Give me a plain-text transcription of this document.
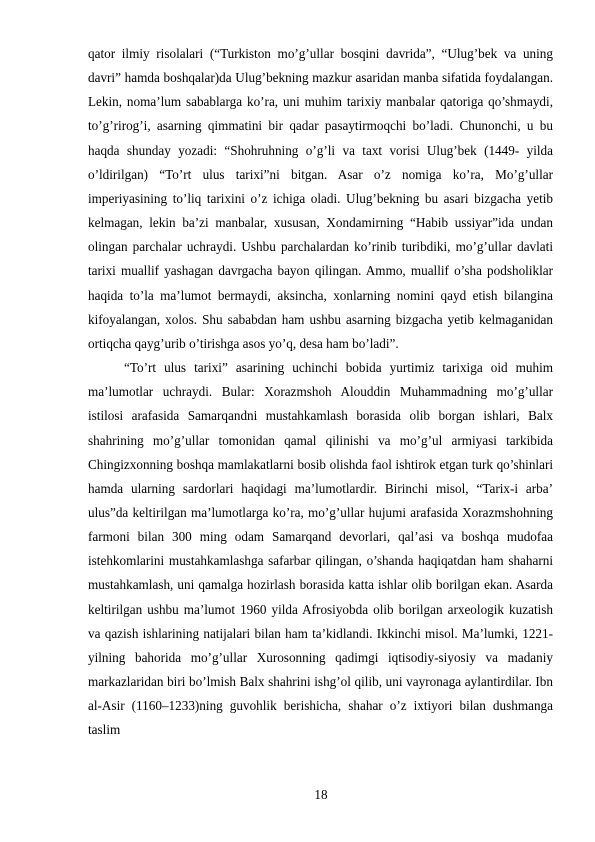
qator ilmiy risolalari (“Turkiston mo’g’ullar bosqini davrida”, “Ulug’bek va uning davri” hamda boshqalar)da Ulug’bekning mazkur asaridan manba sifatida foydalangan. Lekin, noma’lum sabablarga ko’ra, uni muhim tarixiy manbalar qatoriga qo’shmaydi, to’g’rirog’i, asarning qimmatini bir qadar pasaytirmoqchi bo’ladi. Chunonchi, u bu haqda shunday yozadi: “Shohruhning o’g’li va taxt vorisi Ulug’bek (1449- yilda o’ldirilgan) “To’rt ulus tarixi”ni bitgan. Asar o’z nomiga ko’ra, Mo’g’ullar imperiyasining to’liq tarixini o’z ichiga oladi. Ulug’bekning bu asari bizgacha yetib kelmagan, lekin ba’zi manbalar, xususan, Xondamirning “Habib ussiyar”ida undan olingan parchalar uchraydi. Ushbu parchalardan ko’rinib turibdiki, mo’g’ullar davlati tarixi muallif yashagan davrgacha bayon qilingan. Ammo, muallif o’sha podsholiklar haqida to’la ma’lumot bermaydi, aksincha, xonlarning nomini qayd etish bilangina kifoyalangan, xolos. Shu sababdan ham ushbu asarning bizgacha yetib kelmaganidan ortiqcha qayg’urib o’tirishga asos yo’q, desa ham bo’ladi”.

“To’rt ulus tarixi” asarining uchinchi bobida yurtimiz tarixiga oid muhim ma’lumotlar uchraydi. Bular: Xorazmshoh Alouddin Muhammadning mo’g’ullar istilosi arafasida Samarqandni mustahkamlash borasida olib borgan ishlari, Balx shahrining mo’g’ullar tomonidan qamal qilinishi va mo’g’ul armiyasi tarkibida Chingizxonning boshqa mamlakatlarni bosib olishda faol ishtirok etgan turk qo’shinlari hamda ularning sardorlari haqidagi ma’lumotlardir. Birinchi misol, “Tarix-i arba’ ulus”da keltirilgan ma’lumotlarga ko’ra, mo’g’ullar hujumi arafasida Xorazmshohning farmoni bilan 300 ming odam Samarqand devorlari, qal’asi va boshqa mudofaa istehkomlarini mustahkamlashga safarbar qilingan, o’shanda haqiqatdan ham shaharni mustahkamlash, uni qamalga hozirlash borasida katta ishlar olib borilgan ekan. Asarda keltirilgan ushbu ma’lumot 1960 yilda Afrosiyobda olib borilgan arxeologik kuzatish va qazish ishlarining natijalari bilan ham ta’kidlandi. Ikkinchi misol. Ma’lumki, 1221- yilning bahorida mo’g’ullar Xurosonning qadimgi iqtisodiy-siyosiy va madaniy markazlaridan biri bo’lmish Balx shahrini ishg’ol qilib, uni vayronaga aylantirdilar. Ibn al-Asir (1160–1233)ning guvohlik berishicha, shahar o’z ixtiyori bilan dushmanga taslim

18
